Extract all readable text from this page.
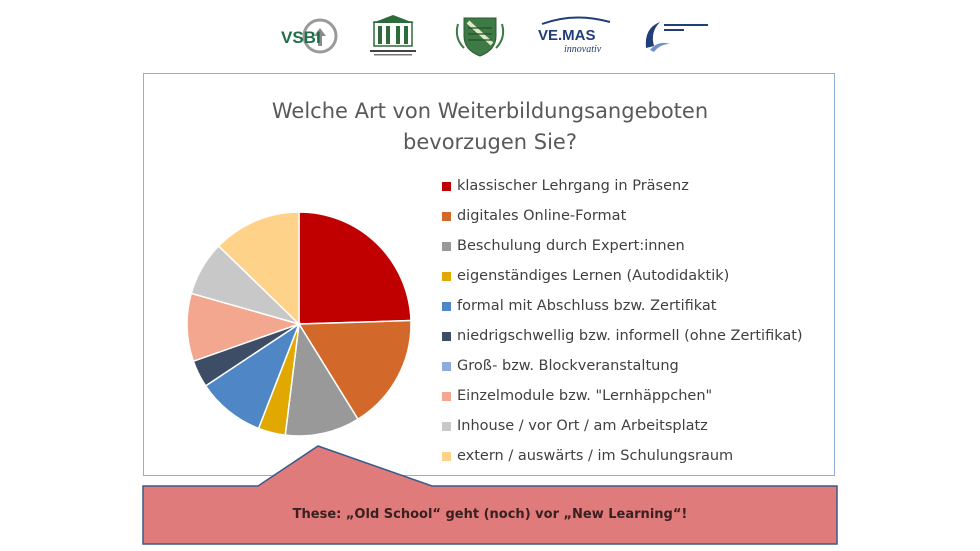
VSBI	VE.MAS
innovativ
Welche Art von Weiterbildungsangeboten
bevorzugen Sie?
klassischer Lehrgang in Präsenz
digitales Online-Format
Beschulung durch Expert:innen
eigenständiges Lernen (Autodidaktik)
formal mit Abschluss bzw. Zertifikat
niedrigschwellig bzw. informell (ohne Zertifikat)
Groß- bzw. Blockveranstaltung
Einzelmodule bzw. "Lernhäppchen"
Inhouse / vor Ort / am Arbeitsplatz
extern / auswärts / im Schulungsraum
These: „Old School“ geht (noch) vor „New Learning“!
